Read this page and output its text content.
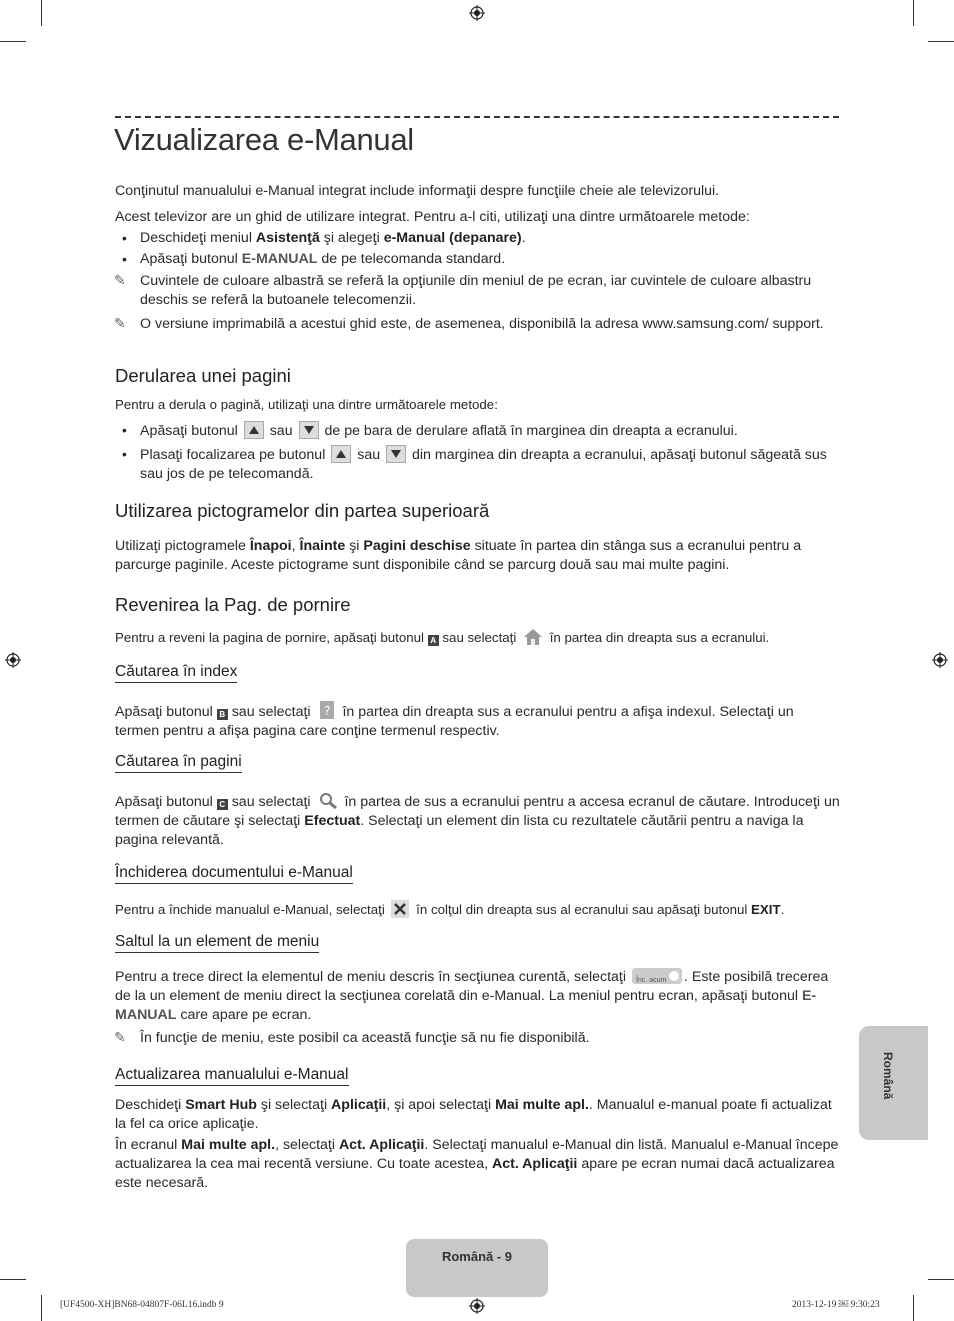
Vizualizarea e-Manual

Conţinutul manualului e-Manual integrat include informaţii despre funcţiile cheie ale televizorului.

Acest televizor are un ghid de utilizare integrat. Pentru a-l citi, utilizaţi una dintre următoarele metode:

• Deschideţi meniul Asistenţă şi alegeţi e-Manual (depanare).

• Apăsaţi butonul E-MANUAL de pe telecomanda standard.

✎ Cuvintele de culoare albastră se referă la opţiunile din meniul de pe ecran, iar cuvintele de culoare albastru deschis se referă la butoanele telecomenzii.

✎ O versiune imprimabilă a acestui ghid este, de asemenea, disponibilă la adresa www.samsung.com/ support.

Derularea unei pagini

Pentru a derula o pagină, utilizaţi una dintre următoarele metode:

• Apăsaţi butonul
sau
de pe bara de derulare aflată în marginea din dreapta a ecranului.

• Plasaţi focalizarea pe butonul
sau
din marginea din dreapta a ecranului, apăsaţi butonul săgeată sus sau jos de pe telecomandă.

Utilizarea pictogramelor din partea superioară

Utilizaţi pictogramele Înapoi, Înainte şi Pagini deschise situate în partea din stânga sus a ecranului pentru a parcurge paginile. Aceste pictograme sunt disponibile când se parcurg două sau mai multe pagini.

Revenirea la Pag. de pornire

Pentru a reveni la pagina de pornire, apăsaţi butonul A sau selectaţi  în partea din dreapta sus a ecranului.

Căutarea în index

Apăsaţi butonul B sau selectaţi ? în partea din dreapta sus a ecranului pentru a afişa indexul. Selectaţi un termen pentru a afişa pagina care conţine termenul respectiv.

Căutarea în pagini

Apăsaţi butonul C sau selectaţi  în partea de sus a ecranului pentru a accesa ecranul de căutare. Introduceţi un termen de căutare şi selectaţi Efectuat. Selectaţi un element din lista cu rezultatele căutării pentru a naviga la pagina relevantă.

Închiderea documentului e-Manual

Pentru a închide manualul e-Manual, selectaţi  în colţul din dreapta sus al ecranului sau apăsaţi butonul EXIT.

Saltul la un element de meniu

Pentru a trece direct la elementul de meniu descris în secţiunea curentă, selectaţi Înc. acum . Este posibilă trecerea de la un element de meniu direct la secţiunea corelată din e-Manual. La meniul pentru ecran, apăsaţi butonul E-MANUAL care apare pe ecran.

✎ În funcţie de meniu, este posibil ca această funcţie să nu fie disponibilă.

Actualizarea manualului e-Manual

Deschideţi Smart Hub şi selectaţi Aplicaţii, şi apoi selectaţi Mai multe apl.. Manualul e-manual poate fi actualizat la fel ca orice aplicaţie.

În ecranul Mai multe apl., selectaţi Act. Aplicaţii. Selectaţi manualul e-Manual din listă. Manualul e-Manual începe actualizarea la cea mai recentă versiune. Cu toate acestea, Act. Aplicaţii apare pe ecran numai dacă actualizarea este necesară.

Română
Română - 9
[UF4500-XH]BN68-04807F-06L16.indb 9	2013-12-19 ￼ 9:30:23
